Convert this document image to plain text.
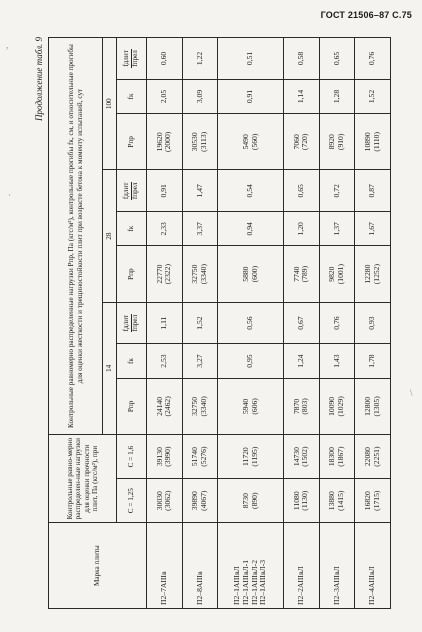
ГОСТ 21506–87 С.75
,
·
\
Продолжение табл. 9
Марка плиты	Контрольные равно-мерно распределен-ные нагрузки для оценки прочности плит, Па (кгс/м²), при		Контрольные равномерно распределенные нагрузки Pпр, Па (кгс/м²), контрольные прогибы fк, см, и относительные прогибы для оценки жесткости и трещиностойкости плит при возрасте бетона к моменту испытаний, сут								
			14			28			100		
	C = 1,25	C = 1,6	Pпр	fк	fдлит fпрел	Pпр	fк	fдлит fпрел	Pпр	fк	fдлит fпрел

П2–7АIIIв	30030 (3062)	39130 (3990)	24140 (2462)	2,53	1,11	22770 (2322)	2,33	0,91	19620 (2000)	2,05	0,60
П2–8АIIIв	39890 (4067)	51740 (5276)	32750 (3340)	3,27	1,52	32750 (3340)	3,37	1,47	30530 (3113)	3,09	1,22

П2–1АIIIвЛ П2–1АIIIвЛ-1 П2–1АIIIвЛ-2 П2–1АIIIвЛ-3	8730 (890)	11720 (1195)	5940 (606)	0,95	0,56	5880 (600)	0,94	0,54	5490 (560)	0,91	0,51
П2–2АIIIвЛ	11080 (1130)	14730 (1502)	7870 (803)	1,24	0,67	7740 (789)	1,20	0,65	7060 (720)	1,14	0,58
П2–3АIIIвЛ	13880 (1415)	18300 (1867)	10090 (1029)	1,43	0,76	9820 (1001)	1,37	0,72	8920 (910)	1,28	0,65
П2–4АIIIвЛ	16820 (1715)	22080 (2251)	12800 (1305)	1,78	0,93	12280 (1252)	1,67	0,87	10890 (1110)	1,52	0,76
